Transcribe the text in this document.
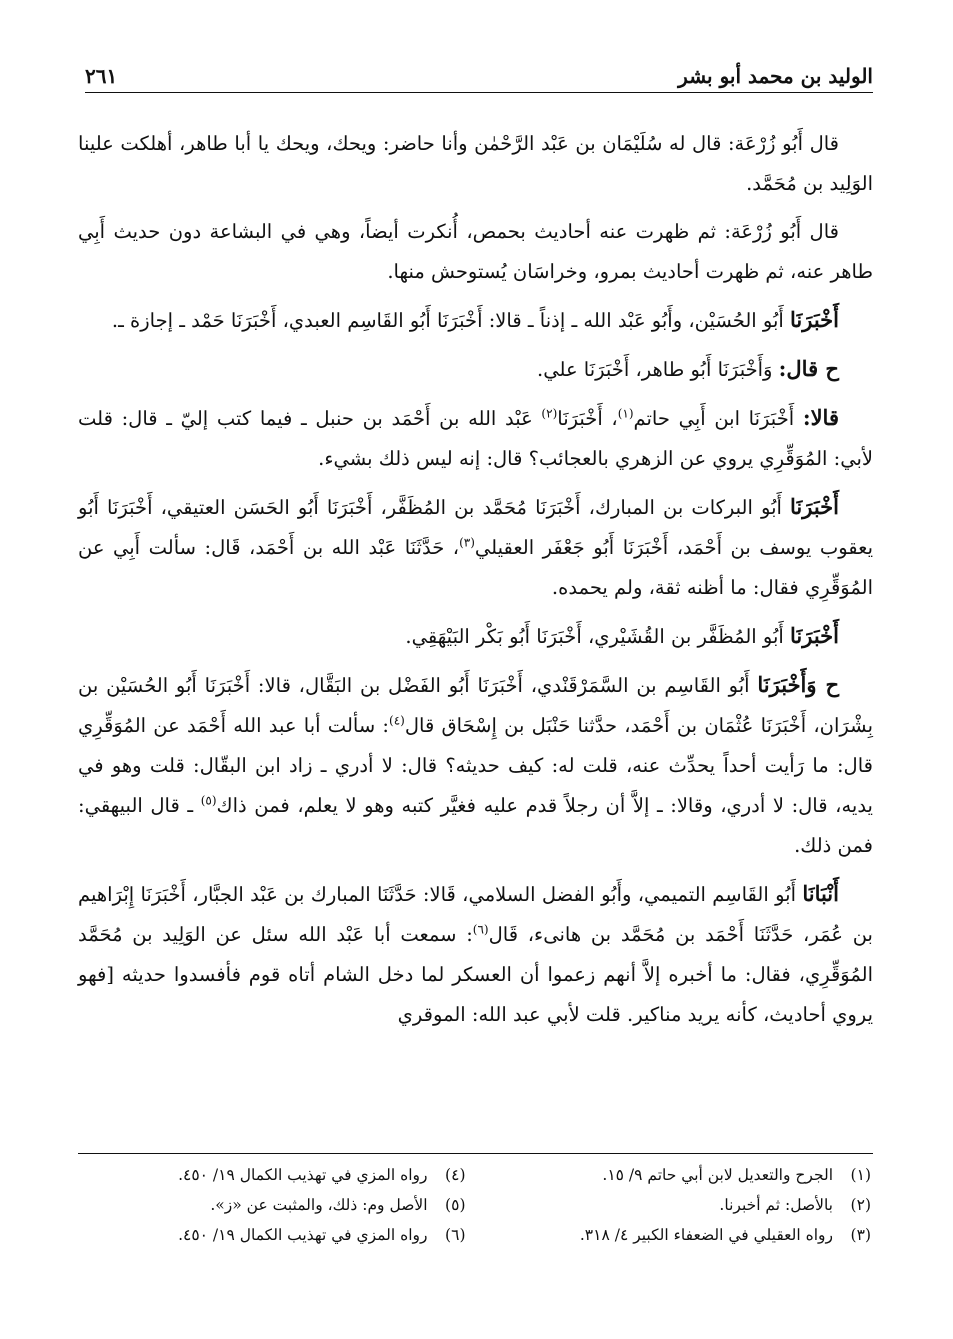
الوليد بن محمد أبو بشر
٢٦١

قال أَبُو زُرْعَة: قال له سُلَيْمَان بن عَبْد الرَّحْمٰن وأنا حاضر: ويحك، ويحك يا أبا طاهر، أهلكت علينا الوَلِيد بن مُحَمَّد.

قال أَبُو زُرْعَة: ثم ظهرت عنه أحاديث بحمص، أُنكرت أيضاً، وهي في البشاعة دون حديث أَبِي طاهر عنه، ثم ظهرت أحاديث بمرو، وخراسَان يُستوحش منها.

أَخْبَرَنَا أَبُو الحُسَيْن، وأَبُو عَبْد الله ـ إذناً ـ قالا: أَخْبَرَنَا أَبُو القَاسِم العبدي، أَخْبَرَنَا حَمْد ـ إجازة ـ.

ح قال: وَأَخْبَرَنَا أَبُو طاهر، أَخْبَرَنَا علي.

قالا: أَخْبَرَنَا ابن أَبِي حاتم$^{(١)}$، أَخْبَرَنَا$^{(٢)}$ عَبْد الله بن أَحْمَد بن حنبل ـ فيما كتب إليّ ـ قال: قلت لأبي: المُوَقِّرِي يروي عن الزهري بالعجائب؟ قال: إنه ليس ذلك بشيء.

أَخْبَرَنَا أَبُو البركات بن المبارك، أَخْبَرَنَا مُحَمَّد بن المُظَفَّر، أَخْبَرَنَا أَبُو الحَسَن العتيقي، أَخْبَرَنَا أَبُو يعقوب يوسف بن أَحْمَد، أَخْبَرَنَا أَبُو جَعْفَر العقيلي$^{(٣)}$، حَدَّثَنَا عَبْد الله بن أَحْمَد، قَال: سألت أَبِي عن المُوَقِّرِي فقال: ما أظنه ثقة، ولم يحمده.

أَخْبَرَنَا أَبُو المُظَفَّر بن القُشَيْري، أَخْبَرَنَا أَبُو بَكْر البَيْهَقِي.

ح وَأَخْبَرَنَا أَبُو القَاسِم بن السَّمَرْقَنْدي، أَخْبَرَنَا أَبُو الفَضْل بن البَقَّال، قالا: أَخْبَرَنَا أَبُو الحُسَيْن بن بِشْرَان، أَخْبَرَنَا عُثْمَان بن أَحْمَد، حدَّثنا حَنْبَل بن إِسْحَاق قال$^{(٤)}$: سألت أبا عبد الله أَحْمَد عن المُوَقِّرِي قال: ما رَأيت أحداً يحدِّث عنه، قلت له: كيف حديثه؟ قال: لا أدري ـ زاد ابن البقّال: قلت وهو في يديه، قال: لا أدري، وقالا: ـ إلاَّ أن رجلاً قدم عليه فغيَّر كتبه وهو لا يعلم، فمن ذاك$^{(٥)}$ ـ قال البيهقي: فمن ذلك.

أَنْبَانَا أَبُو القَاسِم التميمي، وأَبُو الفضل السلامي، قَالا: حَدَّثَنَا المبارك بن عَبْد الجبَّار، أَخْبَرَنَا إِبْرَاهيم بن عُمَر، حَدَّثَنَا أَحْمَد بن مُحَمَّد بن هانىء، قَال$^{(٦)}$: سمعت أبا عَبْد الله سئل عن الوَلِيد بن مُحَمَّد المُوَقِّرِي، فقال: ما أخبره إلاَّ أنهم زعموا أن العسكر لما دخل الشام أتاه قوم فأفسدوا حديثه [فهو يروي أحاديث، كأنه يريد مناكير. قلت لأبي عبد الله: الموقري

(١)
الجرح والتعديل لابن أبي حاتم ٩/ ١٥.
(٢)
بالأصل: ثم أخبرنا.
(٣)
رواه العقيلي في الضعفاء الكبير ٤/ ٣١٨.
(٤)
رواه المزي في تهذيب الكمال ١٩/ ٤٥٠.
(٥)
الأصل وم: ذلك، والمثبت عن «ز».
(٦)
رواه المزي في تهذيب الكمال ١٩/ ٤٥٠.
